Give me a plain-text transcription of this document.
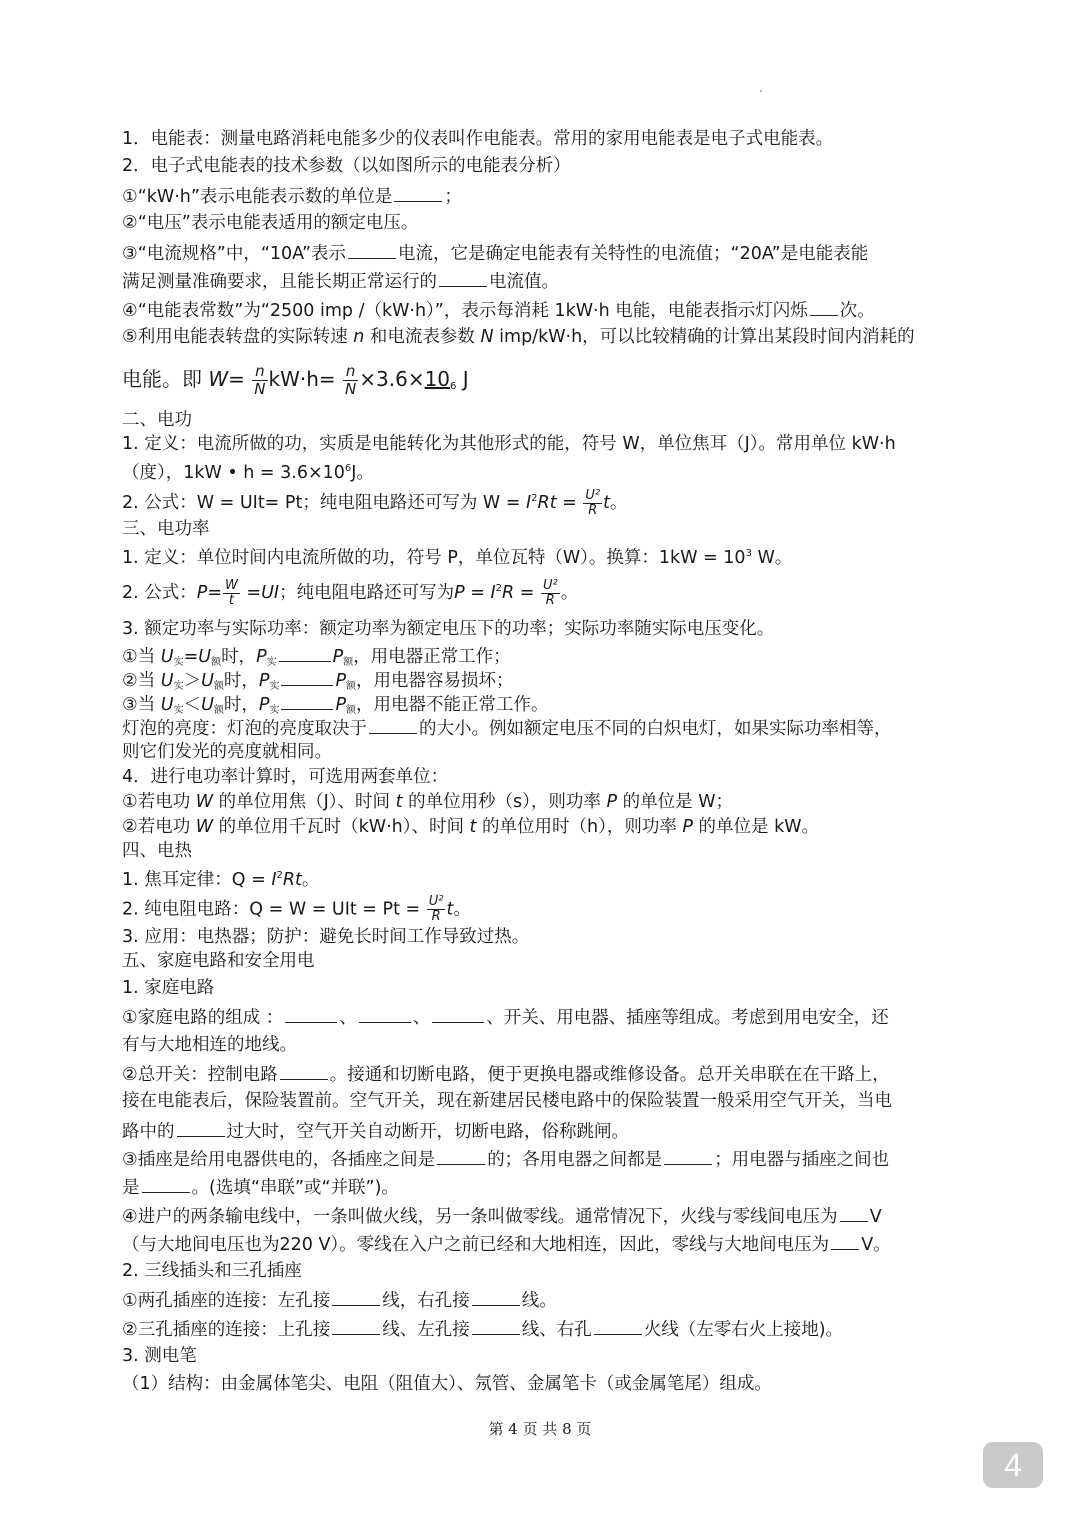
1．电能表：测量电路消耗电能多少的仪表叫作电能表。常用的家用电能表是电子式电能表。
2．电子式电能表的技术参数（以如图所示的电能表分析）
①“kW·h”表示电能表示数的单位是	；
②“电压”表示电能表适用的额定电压。
③“电流规格”中，“10A”表示	电流，它是确定电能表有关特性的电流值；“20A”是电能表能
满足测量准确要求，且能长期正常运行的	电流值。
④“电能表常数”为“2500 imp /（kW·h）”，表示每消耗 1kW·h 电能，电能表指示灯闪烁 次。
⑤利用电能表转盘的实际转速 n 和电流表参数 N imp/kW·h，可以比较精确的计算出某段时间内消耗的
电能。即 $W= \frac{n}{N} kW\cdot h= \frac{n}{N} \times 3.6\times 10_6$ J
二、电功
1. 定义：电流所做的功，实质是电能转化为其他形式的能，符号 W，单位焦耳（J）。常用单位 kW·h
（度），1kW • $h = 3.6\times 10^6J$。
2. 公式：W = UIt= Pt；纯电阻电路还可写为 $W = I^2Rt = \frac{\text{U²}}{R}$ t。
三、电功率
1. 定义：单位时间内电流所做的功，符号 P，单位瓦特（W）。换算：$1kW = 10^3$ W。
2. 公式：$P= \frac{W}{t} =UI$；纯电阻电路还可写为$P = I^2R = \frac{\text{U²}}{R}$ 。
3. 额定功率与实际功率：额定功率为额定电压下的功率；实际功率随实际电压变化。
①当 $U_实=U_额$时，$P_实$	$P_额$，用电器正常工作；
②当 $U_实>U_额$时，$P_实$	$P_额$，用电器容易损坏；
③当 $U_实<U_额$时，$P_实$	$P_额$，用电器不能正常工作。
灯泡的亮度：灯泡的亮度取决于	的大小。例如额定电压不同的白炽电灯，如果实际功率相等，
则它们发光的亮度就相同。
4．进行电功率计算时，可选用两套单位：
①若电功 W 的单位用焦（J）、时间 t 的单位用秒（s），则功率 P 的单位是 W；
②若电功 W 的单位用千瓦时（kW·h）、时间 t 的单位用时（h），则功率 P 的单位是 kW。
四、电热
1. 焦耳定律：$Q = I^2Rt$。
2. 纯电阻电路：Q = W = UIt = $Pt = \frac{\text{U²}}{R}$ t。
3. 应用：电热器；防护：避免长时间工作导致过热。
五、家庭电路和安全用电
1. 家庭电路
①家庭电路的组成 ：	、	、	、开关、用电器、插座等组成。考虑到用电安全，还
有与大地相连的地线。
②总开关：控制电路	。接通和切断电路，便于更换电器或维修设备。总开关串联在在干路上，
接在电能表后，保险装置前。空气开关，现在新建居民楼电路中的保险装置一般采用空气开关，当电
路中的	过大时，空气开关自动断开，切断电路，俗称跳闸。
③插座是给用电器供电的，各插座之间是	的；各用电器之间都是	；用电器与插座之间也
是	。(选填“串联”或“并联”)。
④进户的两条输电线中，一条叫做火线，另一条叫做零线。通常情况下，火线与零线间电压为 V
（与大地间电压也为220 V）。零线在入户之前已经和大地相连，因此，零线与大地间电压为 V。
2. 三线插头和三孔插座
①两孔插座的连接：左孔接	线，右孔接	线。
②三孔插座的连接：上孔接	线、左孔接	线、右孔	火线（左零右火上接地)。
3. 测电笔
（1）结构：由金属体笔尖、电阻（阻值大）、氖管、金属笔卡（或金属笔尾）组成。
第 4 页 共 8 页
4
